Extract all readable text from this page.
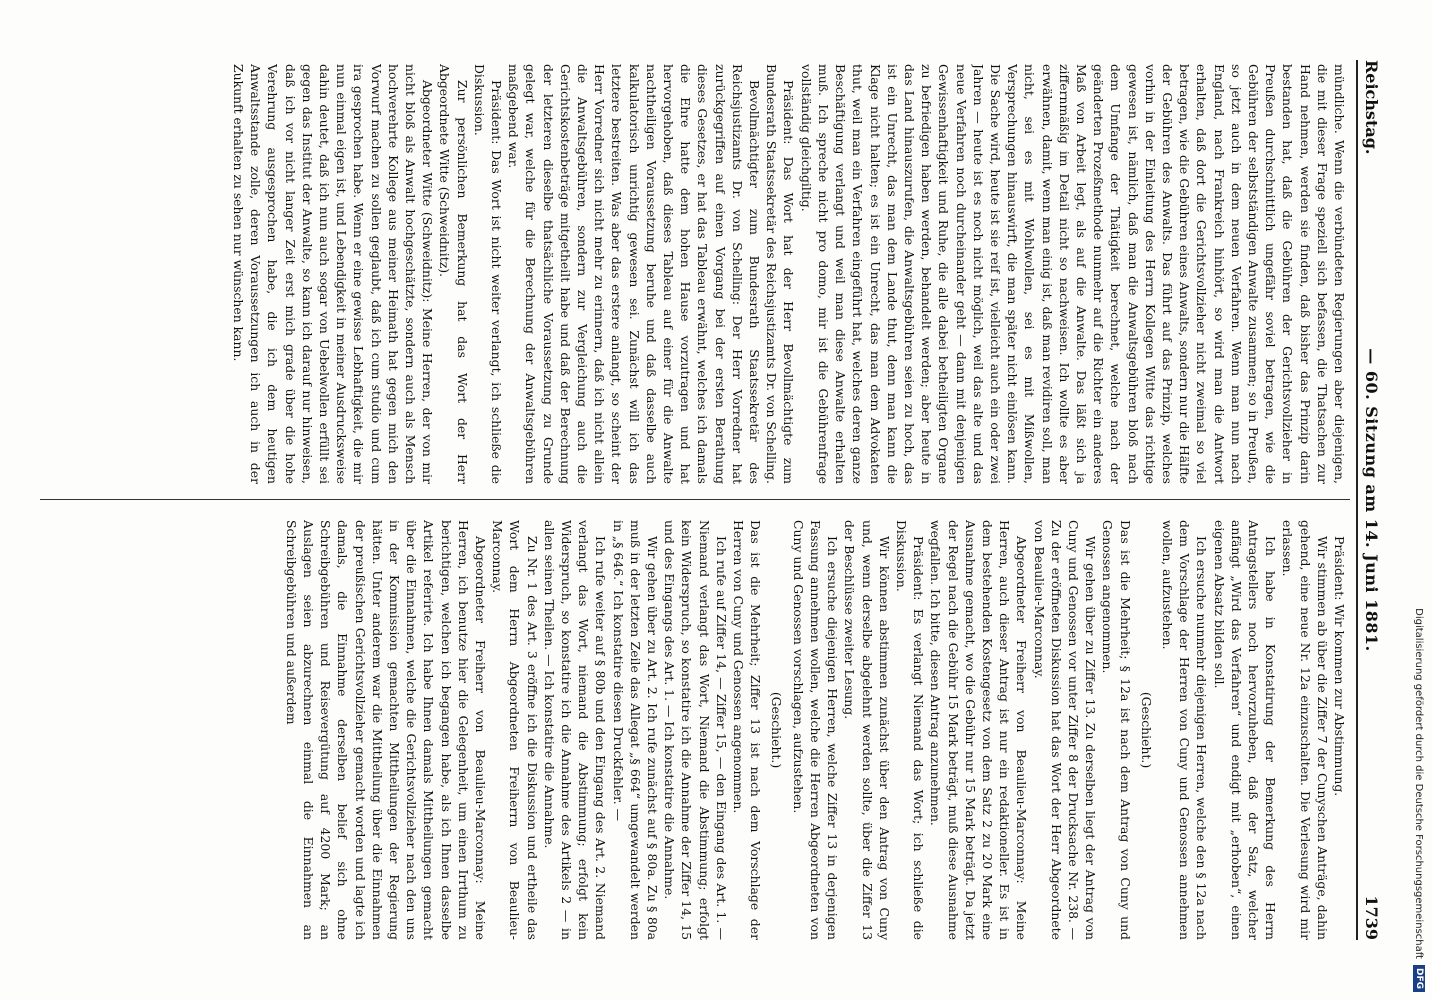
Digitalisierung gefördert durch die Deutsche Forschungsgemeinschaft
DFG
Reichstag.
— 60. Sitzung am 14. Juni 1881.
1739

mündliche. Wenn die verbündeten Regierungen aber diejenigen, die mit dieser Frage speziell sich befassen, die Thatsachen zur Hand nehmen, werden sie finden, daß bisher das Prinzip darin bestanden hat, daß die Gebühren der Gerichtsvollzieher in Preußen durchschnittlich ungefähr soviel betragen, wie die Gebühren der selbstständigen Anwalte zusammen; so in Preußen, so jetzt auch in dem neuen Verfahren. Wenn man nun nach England, nach Frankreich hinhört, so wird man die Antwort erhalten, daß dort die Gerichtsvollzieher nicht zweimal so viel betragen, wie die Gebühren eines Anwalts, sondern nur die Hälfte der Gebühren des Anwalts. Das führt auf das Prinzip, welches vorhin in der Einleitung des Herrn Kollegen Witte das richtige gewesen ist, nämlich, daß man die Anwaltsgebühren bloß nach dem Umfange der Thätigkeit berechnet, welche nach der geänderten Prozeßmethode nunmehr auf die Richter ein anderes Maß von Arbeit legt, als auf die Anwalte. Das läßt sich ja ziffernmäßig im Detail nicht so nachweisen. Ich wollte es aber erwähnen, damit, wenn man einig ist, daß man revidiren soll, man nicht, sei es mit Wohlwollen, sei es mit Mißwollen, Versprechungen hinauswirft, die man später nicht einlösen kann. Die Sache wird, heute ist sie reif ist, vielleicht auch ein oder zwei Jahren — heute ist es noch nicht möglich, weil das alte und das neue Verfahren noch durcheinander geht — dann mit denjenigen Gewissenhaftigkeit und Ruhe, die alle dabei betheiligten Organe zu befriedigen haben werden, behandelt werden; aber heute in das Land hinauszurufen, die Anwaltsgebühren seien zu hoch, das ist ein Unrecht, das man dem Lande thut, denn man kann die Klage nicht halten; es ist ein Unrecht, das man dem Advokaten thut, weil man ein Verfahren eingeführt hat, welches deren ganze Beschäftigung verlangt und weil man diese Anwalte erhalten muß. Ich spreche nicht pro domo, mir ist die Gebührenfrage vollständig gleichgiltig.

Präsident: Das Wort hat der Herr Bevollmächtigte zum Bundesrath Staatssekretär des Reichsjustizamts Dr. von Schelling.

Bevollmächtigter zum Bundesrath Staatssekretär des Reichsjustizamts Dr. von Schelling: Der Herr Vorredner hat zurückgegriffen auf einen Vorgang bei der ersten Berathung dieses Gesetzes, er hat das Tableau erwähnt, welches ich damals die Ehre hatte dem hohen Hause vorzutragen und hat hervorgehoben, daß dieses Tableau auf einer für die Anwalte nachtheiligen Voraussetzung beruhe und daß dasselbe auch kalkulatorisch unrichtig gewesen sei. Zunächst will ich das letztere bestreiten. Was aber das erstere anlangt, so scheint der Herr Vorredner sich nicht mehr zu erinnern, daß ich nicht allein die Anwaltsgebühren, sondern zur Vergleichung auch die Gerichtskostenbeträge mitgetheilt habe und daß der Berechnung der letzteren dieselbe thatsächliche Voraussetzung zu Grunde gelegt war, welche für die Berechnung der Anwaltsgebühren maßgebend war.

Präsident: Das Wort ist nicht weiter verlangt, ich schließe die Diskussion.

Zur persönlichen Bemerkung hat das Wort der Herr Abgeordnete Witte (Schweidnitz).

Abgeordneter Witte (Schweidnitz): Meine Herren, der von mir nicht bloß als Anwalt hochgeschätzte, sondern auch als Mensch hochverehrte Kollege aus meiner Heimath hat gegen mich den Vorwurf machen zu sollen geglaubt, daß ich cum studio und cum ira gesprochen habe. Wenn er eine gewisse Lebhaftigkeit, die mir nun einmal eigen ist, und Lebendigkeit in meiner Ausdrucksweise dahin deutet, daß ich nun auch sogar von Uebelwollen erfüllt sei gegen das Institut der Anwalte, so kann ich darauf nur hinweisen, daß ich vor nicht langer Zeit erst mich grade über die hohe Verehrung ausgesprochen habe, die ich dem heutigen Anwaltsstande zolle, deren Voraussetzungen ich auch in der Zukunft erhalten zu sehen nur wünschen kann.

Präsident: Wir kommen zur Abstimmung.

Wir stimmen ab über die Ziffer 7 der Cunyschen Anträge, dahin gehend, eine neue Nr. 12a einzuschalten. Die Verlesung wird mir erlassen.

Ich habe in Konstatirung der Bemerkung des Herrn Antragstellers noch hervorzuheben, daß der Satz, welcher anfängt „Wird das Verfahren“ und endigt mit „erhoben“, einen eigenen Absatz bilden soll.

Ich ersuche nunmehr diejenigen Herren, welche den § 12a nach dem Vorschlage der Herren von Cuny und Genossen annehmen wollen, aufzustehen.

(Geschieht.)

Das ist die Mehrheit; § 12a ist nach dem Antrag von Cuny und Genossen angenommen.

Wir gehen über zu Ziffer 13. Zu derselben liegt der Antrag von Cuny und Genossen vor unter Ziffer 8 der Drucksache Nr. 238. — Zu der eröffneten Diskussion hat das Wort der Herr Abgeordnete von Beaulieu-Marconnay.

Abgeordneter Freiherr von Beaulieu-Marconnay: Meine Herren, auch dieser Antrag ist nur ein redaktioneller. Es ist in dem bestehenden Kostengesetz von dem Satz 2 zu 20 Mark eine Ausnahme gemacht, wo die Gebühr nur 15 Mark beträgt. Da jetzt der Regel nach die Gebühr 15 Mark beträgt, muß diese Ausnahme wegfallen. Ich bitte, diesen Antrag anzunehmen.

Präsident: Es verlangt Niemand das Wort; ich schließe die Diskussion.

Wir können abstimmen zunächst über den Antrag von Cuny und, wenn derselbe abgelehnt werden sollte, über die Ziffer 13 der Beschlüsse zweiter Lesung.

Ich ersuche diejenigen Herren, welche Ziffer 13 in derjenigen Fassung annehmen wollen, welche die Herren Abgeordneten von Cuny und Genossen vorschlagen, aufzustehen.

(Geschieht.)

Das ist die Mehrheit; Ziffer 13 ist nach dem Vorschlage der Herren von Cuny und Genossen angenommen.

Ich rufe auf Ziffer 14, — Ziffer 15, — den Eingang des Art. 1. — Niemand verlangt das Wort, Niemand die Abstimmung; erfolgt kein Widerspruch, so konstatire ich die Annahme der Ziffer 14, 15 und des Eingangs des Art. 1. — Ich konstatire die Annahme.

Wir gehen über zu Art. 2. Ich rufe zunächst auf § 80a. Zu § 80a muß in der letzten Zeile das Allegat „§ 664“ umgewandelt werden in „§ 646.“ Ich konstatire diesen Druckfehler. —

Ich rufe weiter auf § 80b und den Eingang des Art. 2. Niemand verlangt das Wort, niemand die Abstimmung; erfolgt kein Widerspruch, so konstatire ich die Annahme des Artikels 2 — in allen seinen Theilen. — Ich konstatire die Annahme.

Zu Nr. 1 des Art. 3 eröffne ich die Diskussion und ertheile das Wort dem Herrn Abgeordneten Freiherrn von Beaulieu-Marconnay.

Abgeordneter Freiherr von Beaulieu-Marconnay: Meine Herren, ich benutze hier die Gelegenheit, um einen Irrthum zu berichtigen, welchen ich begangen habe, als ich Ihnen dasselbe Artikel referirte. Ich habe Ihnen damals Mittheilungen gemacht über die Einnahmen, welche die Gerichtsvollzieher nach den uns in der Kommission gemachten Mittheilungen der Regierung hätten. Unter anderem war die Mittheilung über die Einnahmen der preußischen Gerichtsvollzieher gemacht worden und lagte ich damals, die Einnahme derselben belief sich ohne Schreibgebühren und Reisevergütung auf 4200 Mark; an Auslagen seien abzurechnen einmal die Einnahmen an Schreibgebühren und außerdem
